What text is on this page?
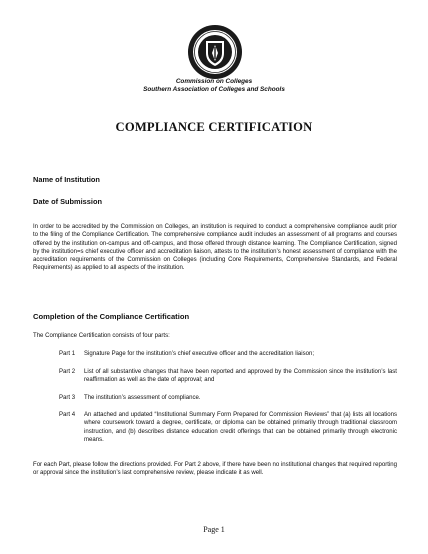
Commission on Colleges
Southern Association of Colleges and Schools
COMPLIANCE CERTIFICATION
Name of Institution
Date of Submission

In order to be accredited by the Commission on Colleges, an institution is required to conduct a comprehensive compliance audit prior to the filing of the Compliance Certification. The comprehensive compliance audit includes an assessment of all programs and courses offered by the institution on-campus and off-campus, and those offered through distance learning. The Compliance Certification, signed by the institution=s chief executive officer and accreditation liaison, attests to the institution’s honest assessment of compliance with the accreditation requirements of the Commission on Colleges (including Core Requirements, Comprehensive Standards, and Federal Requirements) as applied to all aspects of the institution.

Completion of the Compliance Certification
The Compliance Certification consists of four parts:
Part 1	Signature Page for the institution’s chief executive officer and the accreditation liaison;
Part 2	List of all substantive changes that have been reported and approved by the Commission since the institution’s last reaffirmation as well as the date of approval; and
Part 3	The institution’s assessment of compliance.
Part 4	An attached and updated “Institutional Summary Form Prepared for Commission Reviews” that (a) lists all locations where coursework toward a degree, certificate, or diploma can be obtained primarily through traditional classroom instruction, and (b) describes distance education credit offerings that can be obtained primarily through electronic means.

For each Part, please follow the directions provided. For Part 2 above, if there have been no institutional changes that required reporting or approval since the institution’s last comprehensive review, please indicate it as well.

Page 1
